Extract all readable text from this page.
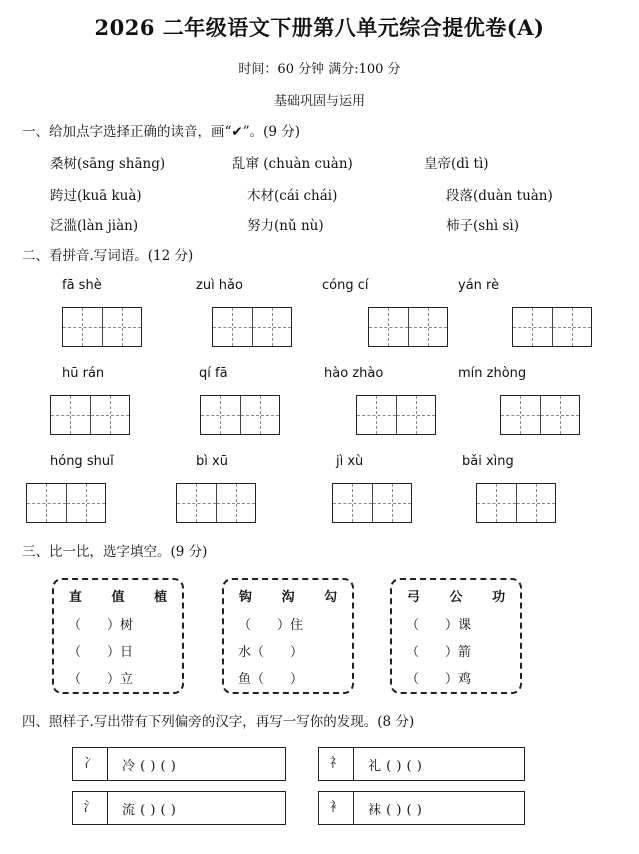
2026 二年级语文下册第八单元综合提优卷(A)
时间：60 分钟 满分:100 分
基础巩固与运用
一、给加点字选择正确的读音，画“✔”。(9 分)
桑树(sāng shāng)	乱窜 (chuàn cuàn)	皇帝(dì tì)
跨过(kuā kuà)	木材(cái chái)	段落(duàn tuàn)
泛滥(làn jiàn)	努力(nǔ nù)	柿子(shì sì)
二、看拼音.写词语。(12 分)
fā shè	zuì hǎo	cóng cí	yán rè
hū rán	qí fā	hào zhào	mín zhòng
hóng shuǐ	bì xū	jì xù	bǎi xìng
三、比一比，选字填空。(9 分)
直 值 植
（　　）树
（　　）日
（　　）立
钩 沟 勾
（　　）住
水（　　）
鱼（　　）
弓 公 功
（　　）课
（　　）箭
（　　）鸡
四、照样子.写出带有下列偏旁的汉字，再写一写你的发现。(8 分)
冫	冷 ( ) ( )	礻	礼 ( ) ( )
氵	流 ( ) ( )	衤	袜 ( ) ( )
